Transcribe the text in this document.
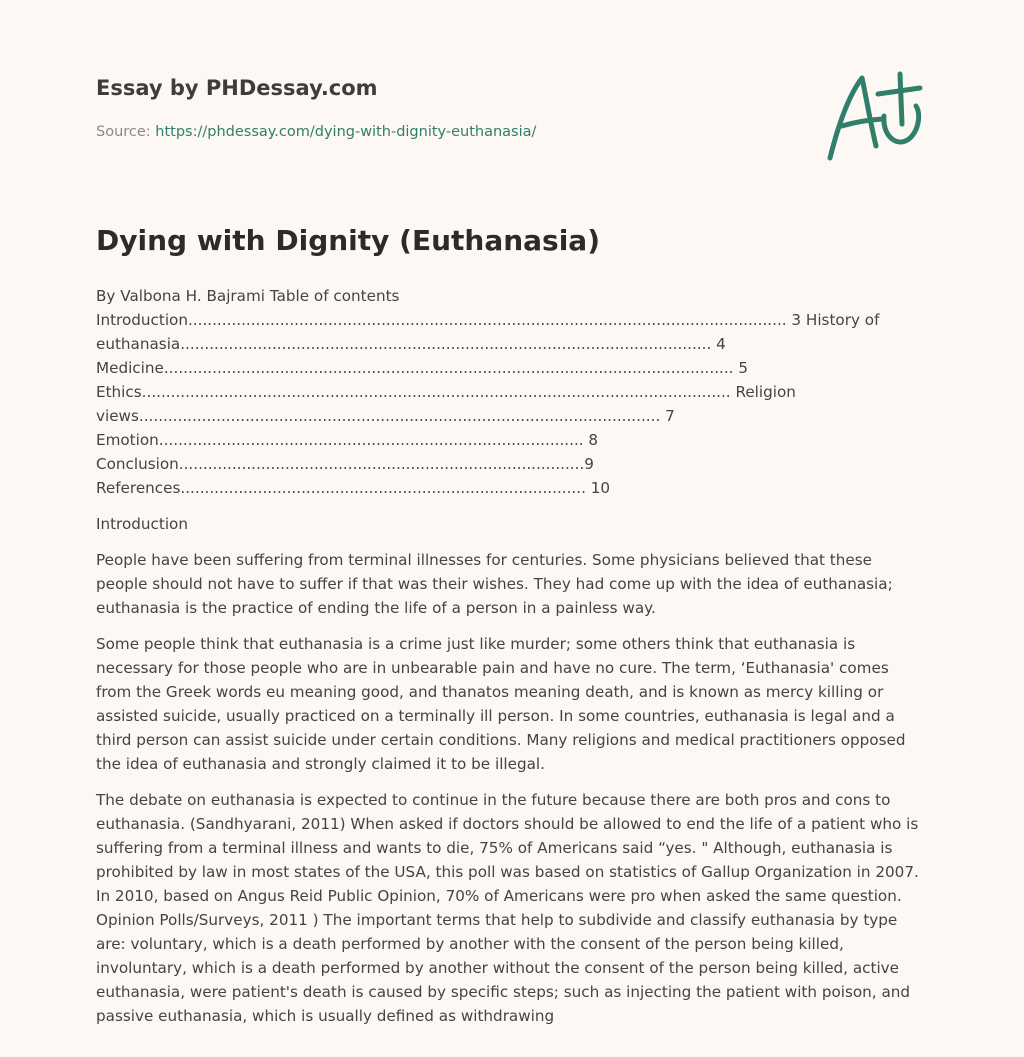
Essay by PHDessay.com
Source: https://phdessay.com/dying-with-dignity-euthanasia/
Dying with Dignity (Euthanasia)
By Valbona H. Bajrami Table of contents
Introduction............................................................................................................................ 3 History of
euthanasia.............................................................................................................. 4
Medicine...................................................................................................................... 5
Ethics.......................................................................................................................... Religion
views............................................................................................................ 7
Emotion........................................................................................ 8
Conclusion....................................................................................9
References.................................................................................... 10
Introduction

People have been suffering from terminal illnesses for centuries. Some physicians believed that these people should not have to suffer if that was their wishes. They had come up with the idea of euthanasia; euthanasia is the practice of ending the life of a person in a painless way.

Some people think that euthanasia is a crime just like murder; some others think that euthanasia is necessary for those people who are in unbearable pain and have no cure. The term, ‘Euthanasia' comes from the Greek words eu meaning good, and thanatos meaning death, and is known as mercy killing or assisted suicide, usually practiced on a terminally ill person. In some countries, euthanasia is legal and a third person can assist suicide under certain conditions. Many religions and medical practitioners opposed the idea of euthanasia and strongly claimed it to be illegal.

The debate on euthanasia is expected to continue in the future because there are both pros and cons to euthanasia. (Sandhyarani, 2011) When asked if doctors should be allowed to end the life of a patient who is suffering from a terminal illness and wants to die, 75% of Americans said “yes. " Although, euthanasia is prohibited by law in most states of the USA, this poll was based on statistics of Gallup Organization in 2007. In 2010, based on Angus Reid Public Opinion, 70% of Americans were pro when asked the same question. Opinion Polls/Surveys, 2011 ) The important terms that help to subdivide and classify euthanasia by type are: voluntary, which is a death performed by another with the consent of the person being killed, involuntary, which is a death performed by another without the consent of the person being killed, active euthanasia, were patient's death is caused by specific steps; such as injecting the patient with poison, and passive euthanasia, which is usually defined as withdrawing
